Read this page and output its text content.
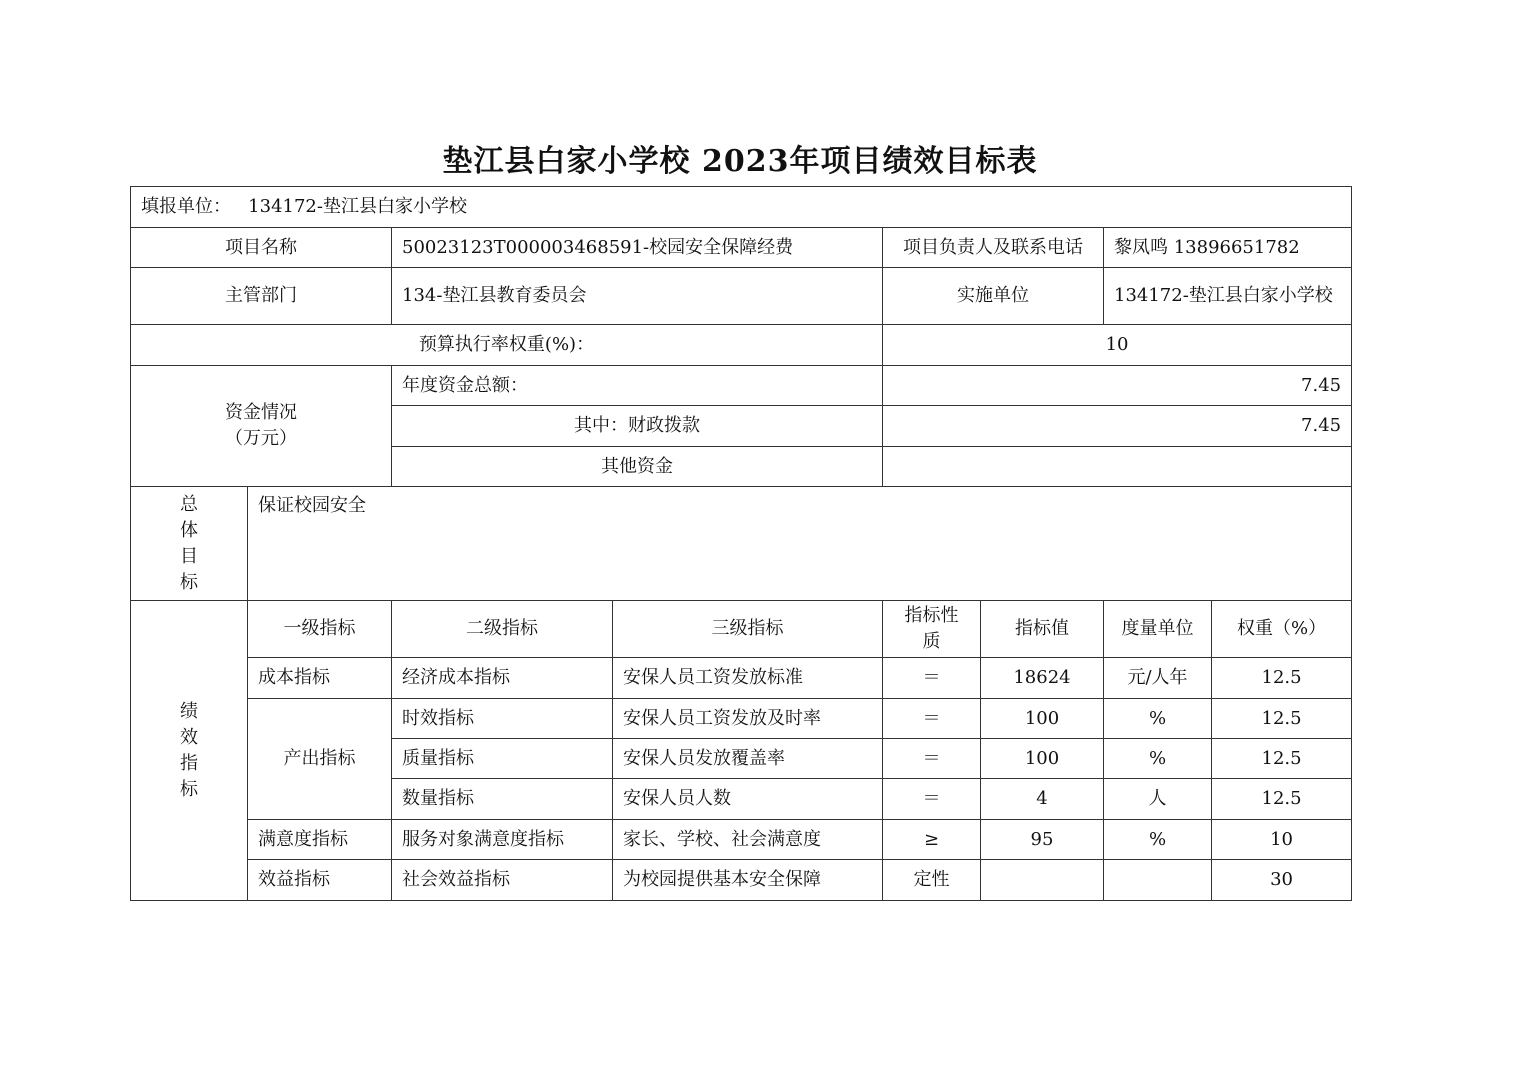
垫江县白家小学校 2023年项目绩效目标表
填报单位： 134172-垫江县白家小学校							
项目名称		50023123T000003468591-校园安全保障经费		项目负责人及联系电话		黎凤鸣 13896651782	
主管部门		134-垫江县教育委员会		实施单位		134172-垫江县白家小学校	
预算执行率权重(%)：				10			

资金情况
（万元）		年度资金总额：		7.45			
		其中：财政拨款		7.45			
		其他资金					

总
体
目
标	保证校园安全						

绩
效
指
标	一级指标	二级指标	三级指标	指标性质	指标值	度量单位	权重（%）
	成本指标	经济成本指标	安保人员工资发放标准	＝	18624	元/人年	12.5
	产出指标	时效指标	安保人员工资发放及时率	＝	100	%	12.5
		质量指标	安保人员发放覆盖率	＝	100	%	12.5
		数量指标	安保人员人数	＝	4	人	12.5
	满意度指标	服务对象满意度指标	家长、学校、社会满意度	≥	95	%	10
	效益指标	社会效益指标	为校园提供基本安全保障	定性			30
